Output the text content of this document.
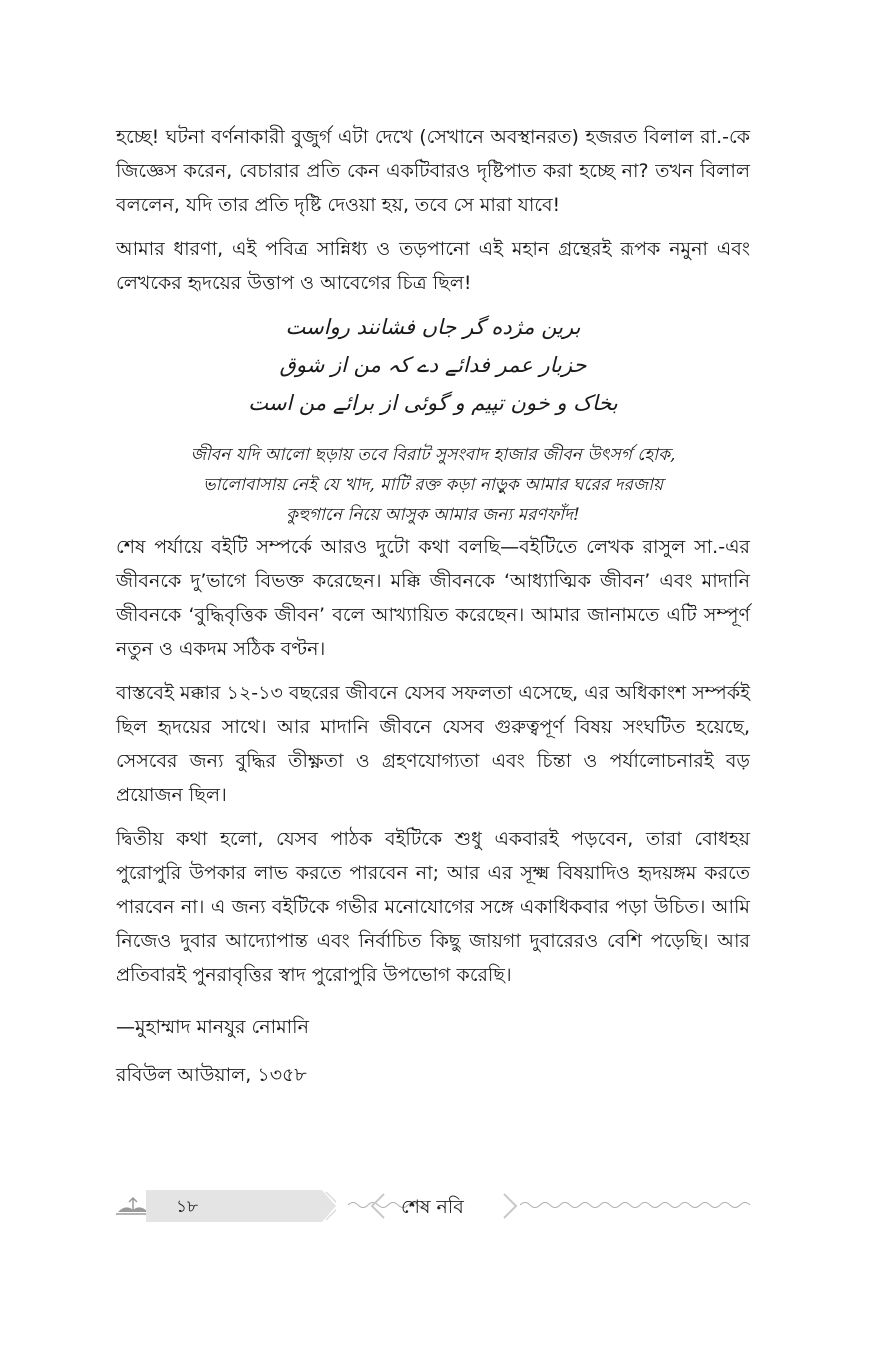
হচ্ছে! ঘটনা বর্ণনাকারী বুজুর্গ এটা দেখে (সেখানে অবস্থানরত) হজরত বিলাল রা.-কে জিজ্ঞেস করেন, বেচারার প্রতি কেন একটিবারও দৃষ্টিপাত করা হচ্ছে না? তখন বিলাল বললেন, যদি তার প্রতি দৃষ্টি দেওয়া হয়, তবে সে মারা যাবে!

আমার ধারণা, এই পবিত্র সান্নিধ্য ও তড়পানো এই মহান গ্রন্থেরই রূপক নমুনা এবং লেখকের হৃদয়ের উত্তাপ ও আবেগের চিত্র ছিল!

برین مژده گر جاں فشانند رواست
حزبار عمر فدائے دے کہ من از شوق
بخاک و خون تپیم و گوئی از برائے من است

জীবন যদি আলো ছড়ায় তবে বিরাট সুসংবাদ হাজার জীবন উৎসর্গ হোক,

ভালোবাসায় নেই যে খাদ, মাটি রক্ত কড়া নাড়ুক আমার ঘরের দরজায়

কুহুগানে নিয়ে আসুক আমার জন্য মরণফাঁদ!

শেষ পর্যায়ে বইটি সম্পর্কে আরও দুটো কথা বলছি—বইটিতে লেখক রাসুল সা.-এর জীবনকে দু’ভাগে বিভক্ত করেছেন। মক্কি জীবনকে ‘আধ্যাত্মিক জীবন’ এবং মাদানি জীবনকে ‘বুদ্ধিবৃত্তিক জীবন’ বলে আখ্যায়িত করেছেন। আমার জানামতে এটি সম্পূর্ণ নতুন ও একদম সঠিক বণ্টন।

বাস্তবেই মক্কার ১২-১৩ বছরের জীবনে যেসব সফলতা এসেছে, এর অধিকাংশ সম্পর্কই ছিল হৃদয়ের সাথে। আর মাদানি জীবনে যেসব গুরুত্বপূর্ণ বিষয় সংঘটিত হয়েছে, সেসবের জন্য বুদ্ধির তীক্ষ্ণতা ও গ্রহণযোগ্যতা এবং চিন্তা ও পর্যালোচনারই বড় প্রয়োজন ছিল।

দ্বিতীয় কথা হলো, যেসব পাঠক বইটিকে শুধু একবারই পড়বেন, তারা বোধহয় পুরোপুরি উপকার লাভ করতে পারবেন না; আর এর সূক্ষ্ম বিষয়াদিও হৃদয়ঙ্গম করতে পারবেন না। এ জন্য বইটিকে গভীর মনোযোগের সঙ্গে একাধিকবার পড়া উচিত। আমি নিজেও দুবার আদ্যোপান্ত এবং নির্বাচিত কিছু জায়গা দুবারেরও বেশি পড়েছি। আর প্রতিবারই পুনরাবৃত্তির স্বাদ পুরোপুরি উপভোগ করেছি।

—মুহাম্মাদ মানযুর নোমানি

রবিউল আউয়াল, ১৩৫৮

১৮	শেষ নবি
